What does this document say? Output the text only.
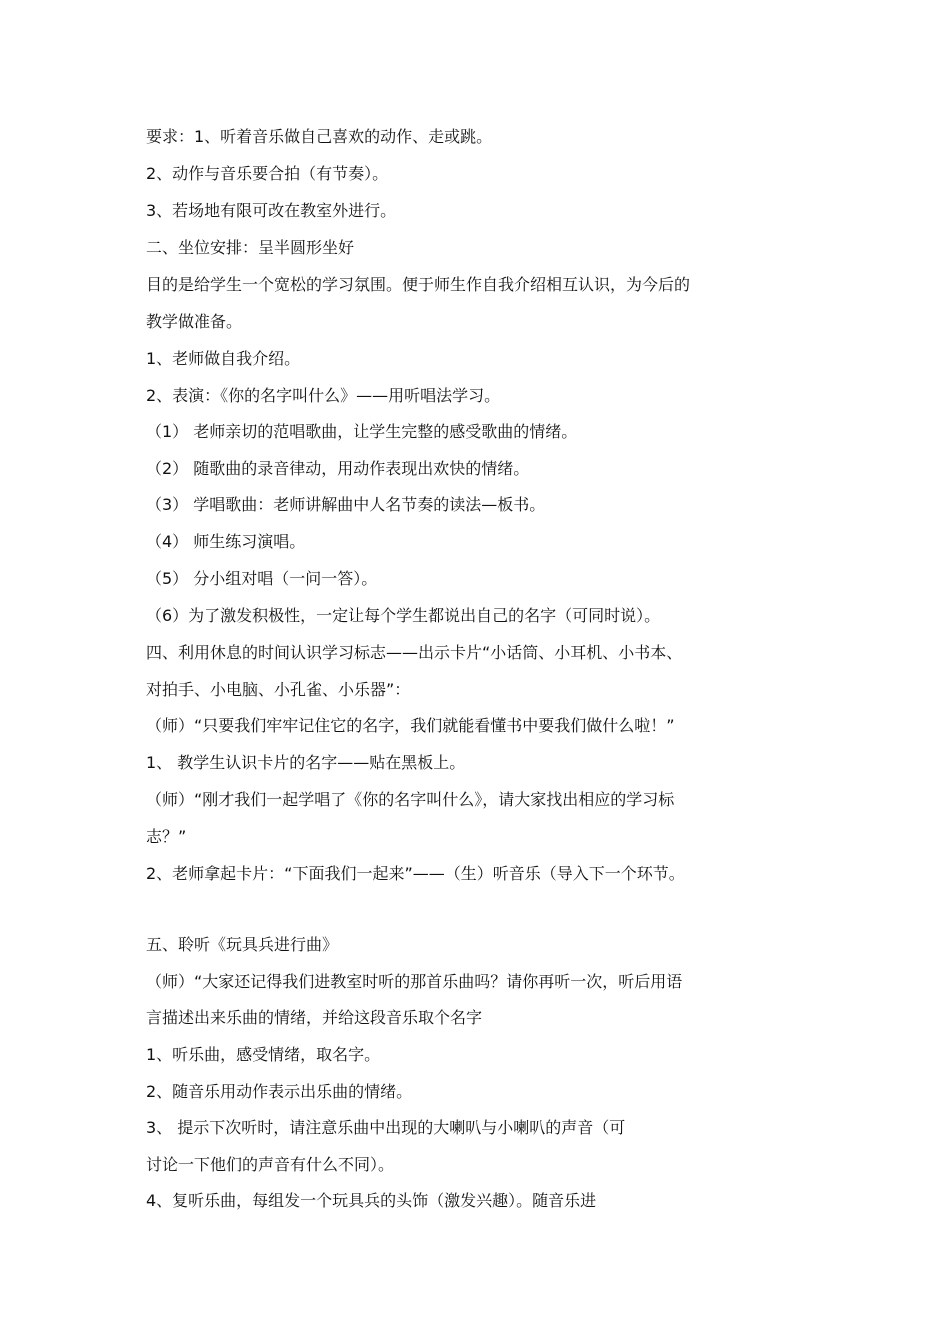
要求：1、听着音乐做自己喜欢的动作、走或跳。
2、动作与音乐要合拍（有节奏）。
3、若场地有限可改在教室外进行。
二、坐位安排：呈半圆形坐好
目的是给学生一个宽松的学习氛围。便于师生作自我介绍相互认识，为今后的
教学做准备。
1、老师做自我介绍。
2、表演：《你的名字叫什么》——用听唱法学习。
（1） 老师亲切的范唱歌曲，让学生完整的感受歌曲的情绪。
（2） 随歌曲的录音律动，用动作表现出欢快的情绪。
（3） 学唱歌曲：老师讲解曲中人名节奏的读法—板书。
（4） 师生练习演唱。
（5） 分小组对唱（一问一答）。
（6）为了激发积极性，一定让每个学生都说出自己的名字（可同时说）。
四、利用休息的时间认识学习标志——出示卡片“小话筒、小耳机、小书本、
对拍手、小电脑、小孔雀、小乐器”：
（师）“只要我们牢牢记住它的名字，我们就能看懂书中要我们做什么啦！”
1、 教学生认识卡片的名字——贴在黑板上。
（师）“刚才我们一起学唱了《你的名字叫什么》，请大家找出相应的学习标
志？”
2、老师拿起卡片：“下面我们一起来”——（生）听音乐（导入下一个环节。
五、聆听《玩具兵进行曲》
（师）“大家还记得我们进教室时听的那首乐曲吗？请你再听一次，听后用语
言描述出来乐曲的情绪，并给这段音乐取个名字
1、听乐曲，感受情绪，取名字。
2、随音乐用动作表示出乐曲的情绪。
3、 提示下次听时，请注意乐曲中出现的大喇叭与小喇叭的声音（可
讨论一下他们的声音有什么不同）。
4、复听乐曲，每组发一个玩具兵的头饰（激发兴趣）。随音乐进
